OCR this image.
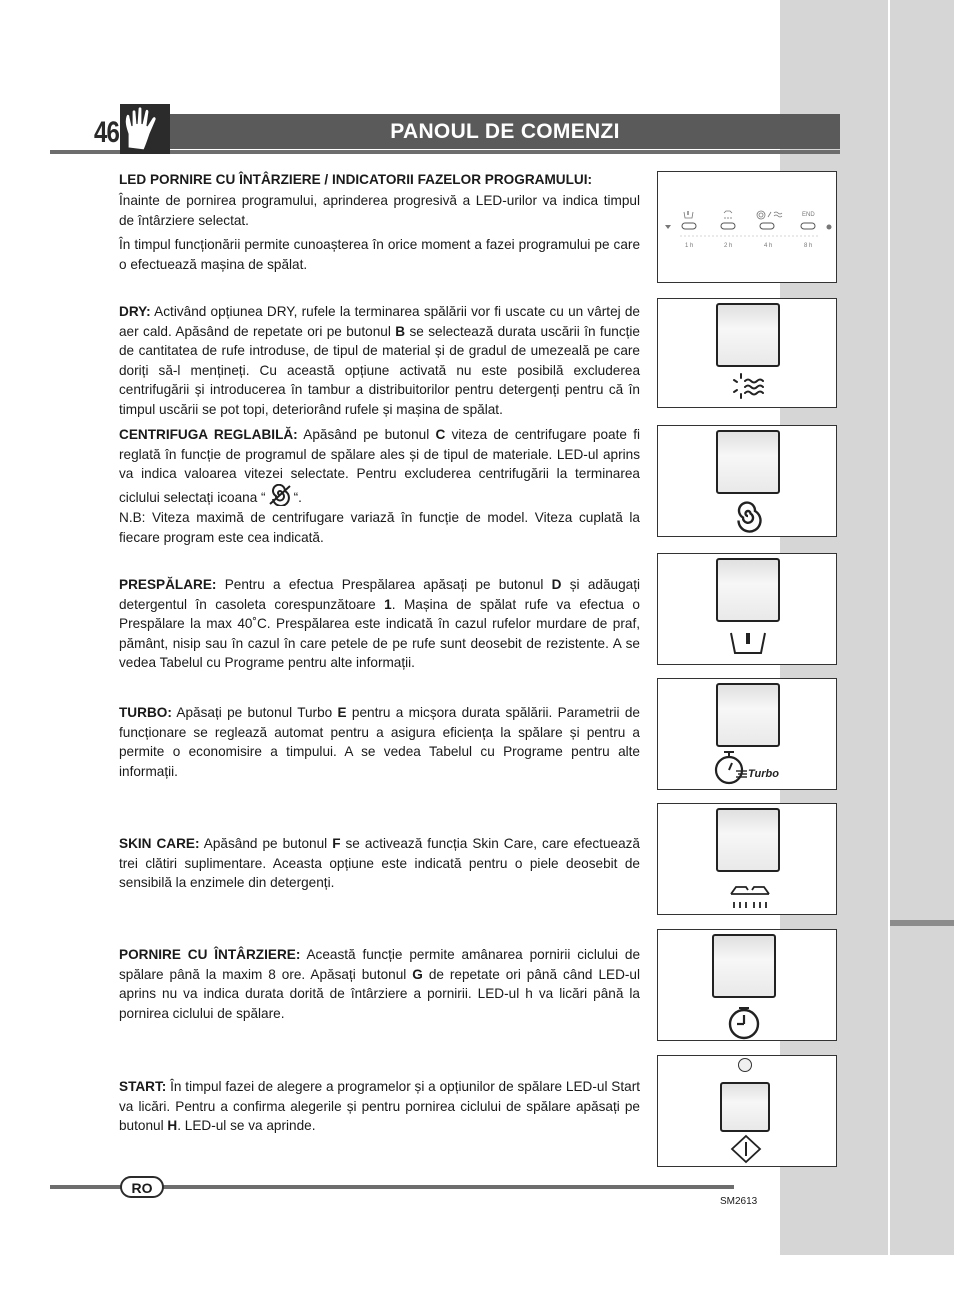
46	PANOUL DE COMENZI

LED PORNIRE CU ÎNTÂRZIERE / INDICATORII FAZELOR PROGRAMULUI:

Înainte de pornirea programului, aprinderea progresivă a LED-urilor va indica timpul de întârziere selectat.

În timpul funcționării permite cunoașterea în orice moment a fazei programului pe care o efectuează mașina de spălat.

DRY: Activând opțiunea DRY, rufele la terminarea spălării vor fi uscate cu un vârtej de aer cald. Apăsând de repetate ori pe butonul B se selectează durata uscării în funcție de cantitatea de rufe introduse, de tipul de material și de gradul de umezeală pe care doriți să-l mențineți. Cu această opțiune activată nu este posibilă excluderea centrifugării și introducerea în tambur a distribuitorilor pentru detergenți pentru că în timpul uscării se pot topi, deteriorând rufele și mașina de spălat.

CENTRIFUGA REGLABILĂ: Apăsând pe butonul C viteza de centrifugare poate fi reglată în funcție de programul de spălare ales și de tipul de materiale. LED-ul aprins va indica valoarea vitezei selectate. Pentru excluderea centrifugării la terminarea ciclului selectați icoana “ “.

N.B: Viteza maximă de centrifugare variază în funcție de model. Viteza cuplată la fiecare program este cea indicată.

PRESPĂLARE: Pentru a efectua Prespălarea apăsați pe butonul D și adăugați detergentul în casoleta corespunzătoare 1. Mașina de spălat rufe va efectua o Prespălare la max 40˚C. Prespălarea este indicată în cazul rufelor murdare de praf, pământ, nisip sau în cazul în care petele de pe rufe sunt deosebit de rezistente. A se vedea Tabelul cu Programe pentru alte informații.

TURBO: Apăsați pe butonul Turbo E pentru a micșora durata spălării. Parametrii de funcționare se reglează automat pentru a asigura eficiența la spălare și pentru a permite o economisire a timpului. A se vedea Tabelul cu Programe pentru alte informații.

SKIN CARE: Apăsând pe butonul F se activează funcția Skin Care, care efectuează trei clătiri suplimentare. Aceasta opțiune este indicată pentru o piele deosebit de sensibilă la enzimele din detergenți.

PORNIRE CU ÎNTÂRZIERE: Această funcție permite amânarea pornirii ciclului de spălare până la maxim 8 ore. Apăsați butonul G de repetate ori până când LED-ul aprins nu va indica durata dorită de întârziere a pornirii. LED-ul h va licări până la pornirea ciclului de spălare.

START: În timpul fazei de alegere a programelor și a opțiunilor de spălare LED-ul Start va licări. Pentru a confirma alegerile și pentru pornirea ciclului de spălare apăsați pe butonul H. LED-ul se va aprinde.

END
1 h	2 h	4 h	8 h
Turbo
RO
SM2613
